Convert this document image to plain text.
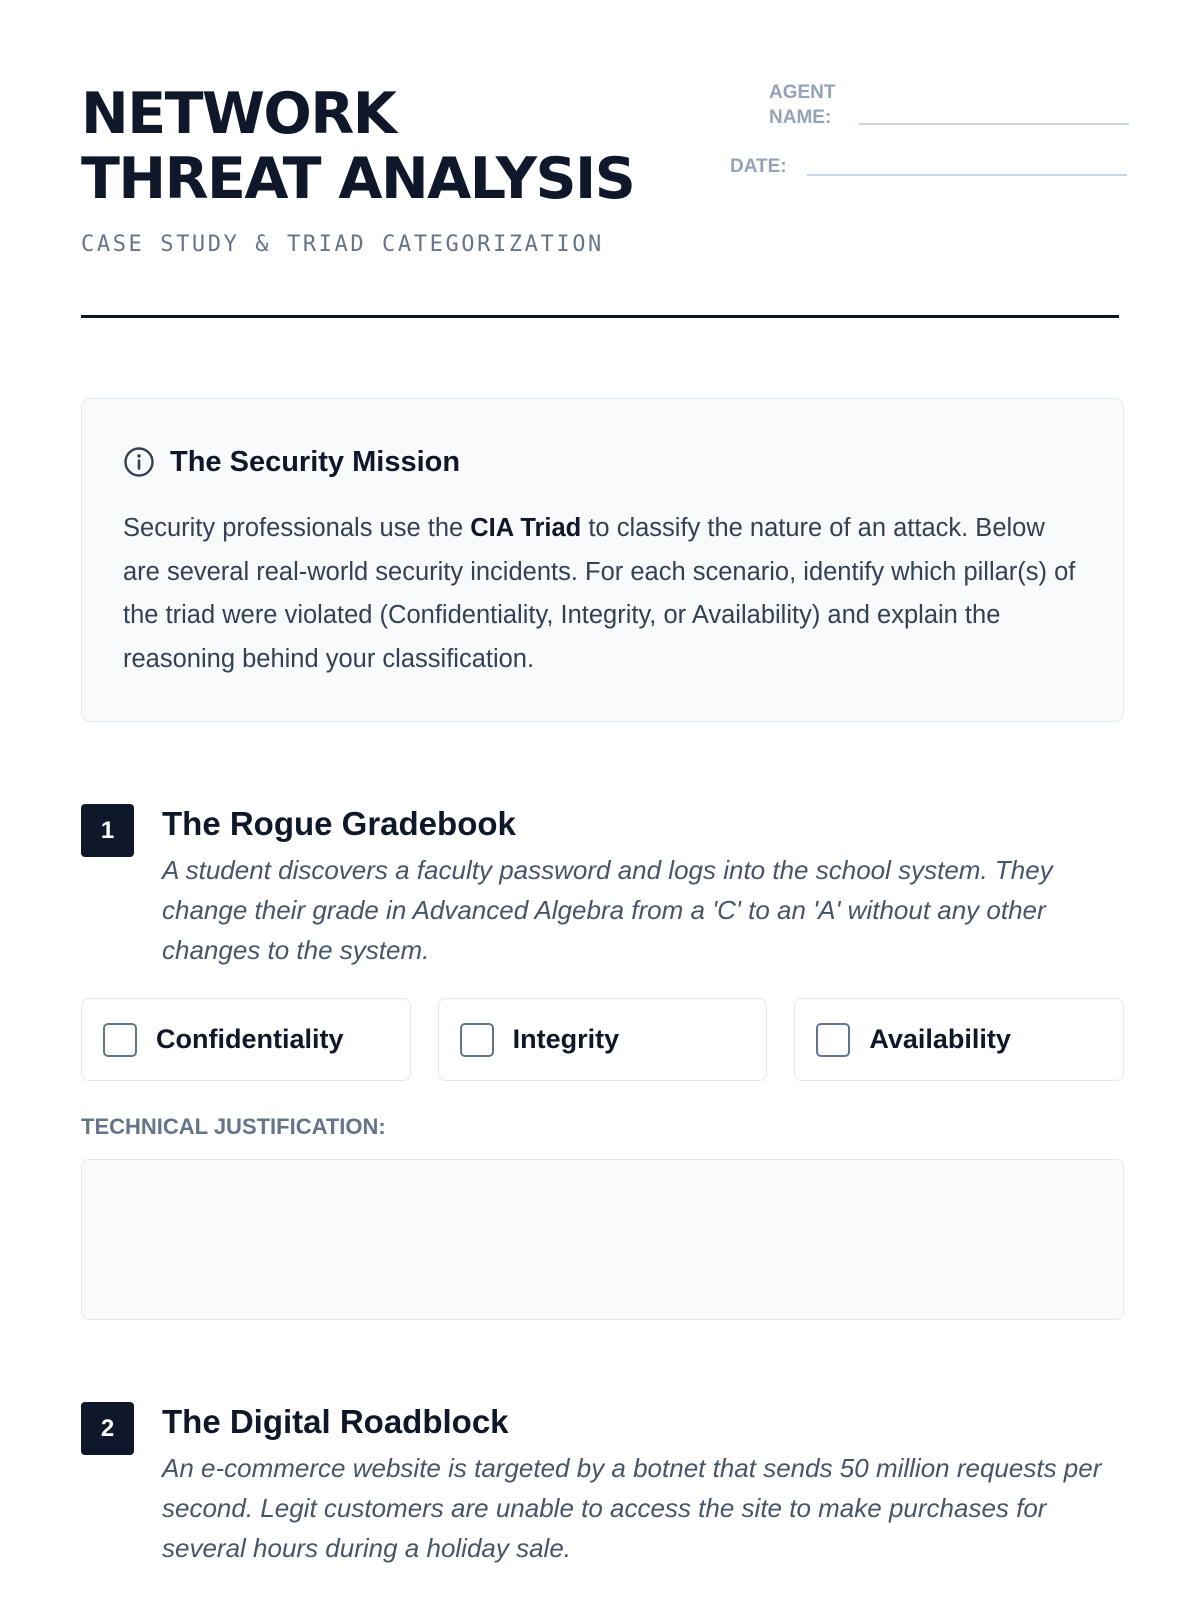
NETWORK THREAT ANALYSIS
CASE STUDY & TRIAD CATEGORIZATION
AGENT NAME:
DATE:
The Security Mission

Security professionals use the CIA Triad to classify the nature of an attack. Below are several real-world security incidents. For each scenario, identify which pillar(s) of the triad were violated (Confidentiality, Integrity, or Availability) and explain the reasoning behind your classification.

1	The Rogue Gradebook

A student discovers a faculty password and logs into the school system. They change their grade in Advanced Algebra from a 'C' to an 'A' without any other changes to the system.

Confidentiality	Integrity	Availability
TECHNICAL JUSTIFICATION:
2	The Digital Roadblock

An e-commerce website is targeted by a botnet that sends 50 million requests per second. Legit customers are unable to access the site to make purchases for several hours during a holiday sale.
